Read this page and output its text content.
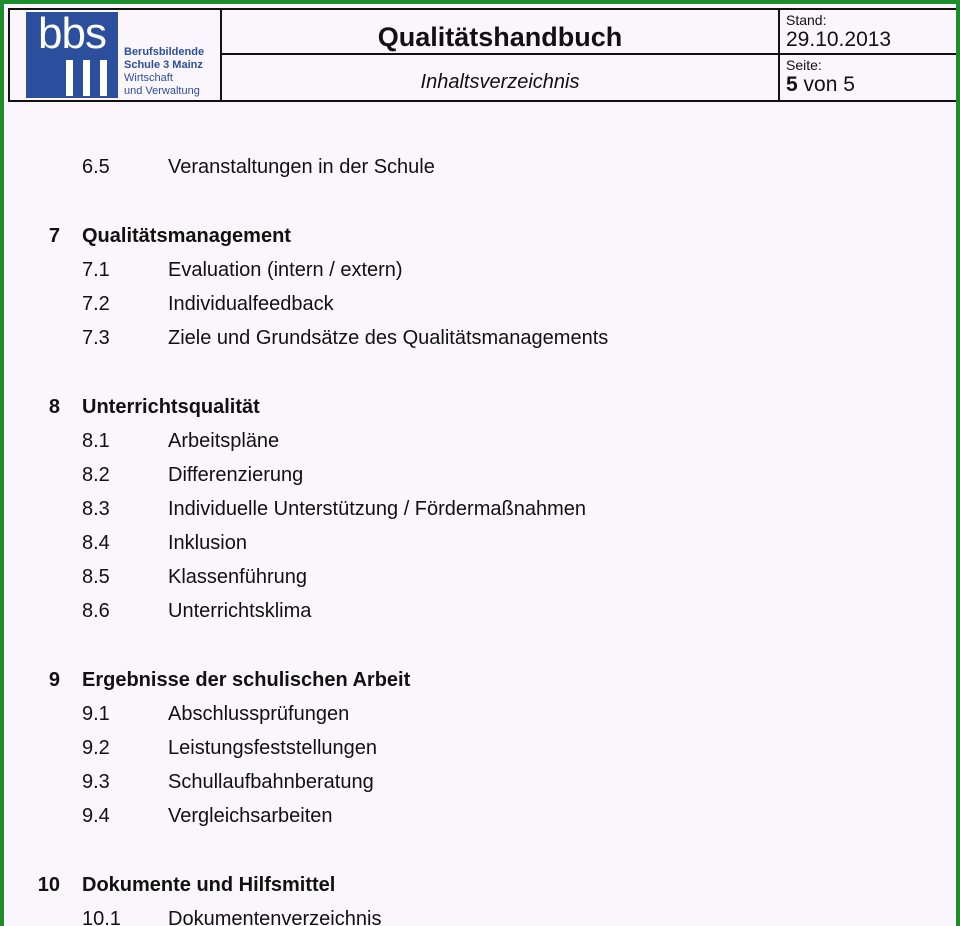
bbs	Berufsbildende
Schule 3 Mainz
Wirtschaft
und Verwaltung
Qualitätshandbuch
Inhaltsverzeichnis
Stand:
29.10.2013
Seite:
5 von 5
6.5	Veranstaltungen in der Schule
7 Qualitätsmanagement
7.1	Evaluation (intern / extern)
7.2	Individualfeedback
7.3	Ziele und Grundsätze des Qualitätsmanagements
8 Unterrichtsqualität
8.1	Arbeitspläne
8.2	Differenzierung
8.3	Individuelle Unterstützung / Fördermaßnahmen
8.4	Inklusion
8.5	Klassenführung
8.6	Unterrichtsklima
9 Ergebnisse der schulischen Arbeit
9.1	Abschlussprüfungen
9.2	Leistungsfeststellungen
9.3	Schullaufbahnberatung
9.4	Vergleichsarbeiten
10 Dokumente und Hilfsmittel
10.1 Dokumentenverzeichnis
